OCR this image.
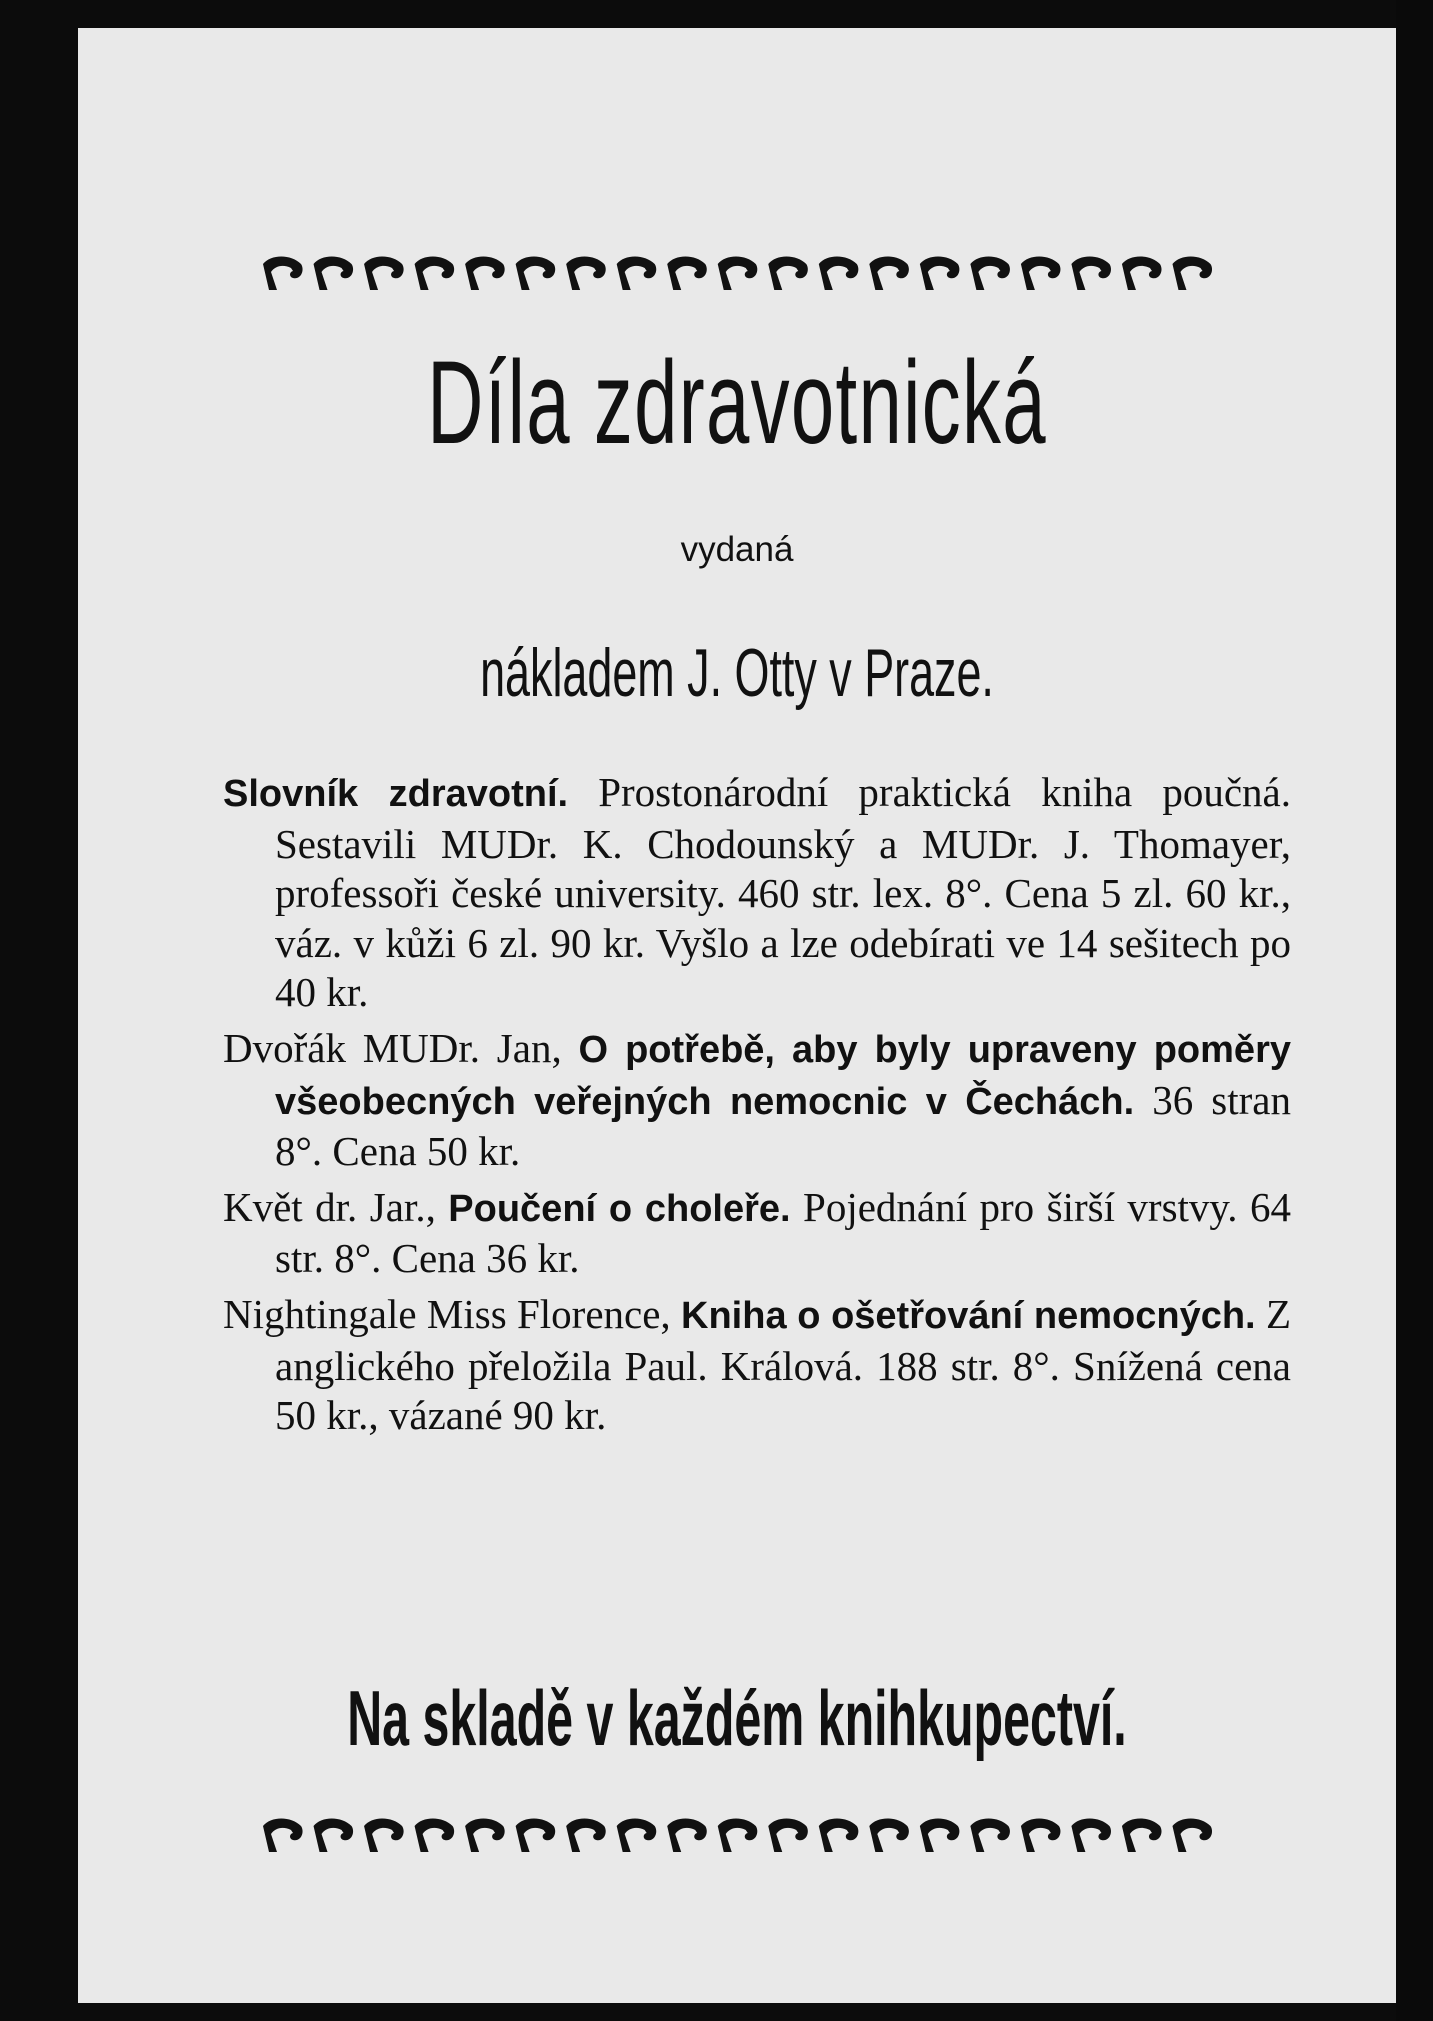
Díla zdravotnická
vydaná
nákladem J. Otty v Praze.
Slovník zdravotní. Prostonárodní praktická kniha poučná. Sestavili MUDr. K. Chodounský a MUDr. J. Thomayer, professoři české university. 460 str. lex. 8°. Cena 5 zl. 60 kr., váz. v kůži 6 zl. 90 kr. Vyšlo a lze odebírati ve 14 sešitech po 40 kr.
Dvořák MUDr. Jan, O potřebě, aby byly upraveny poměry všeobecných veřejných nemocnic v Čechách. 36 stran 8°. Cena 50 kr.
Květ dr. Jar., Poučení o choleře. Pojednání pro širší vrstvy. 64 str. 8°. Cena 36 kr.
Nightingale Miss Florence, Kniha o ošetřování nemocných. Z anglického přeložila Paul. Králová. 188 str. 8°. Snížená cena 50 kr., vázané 90 kr.
Na skladě v každém knihkupectví.
